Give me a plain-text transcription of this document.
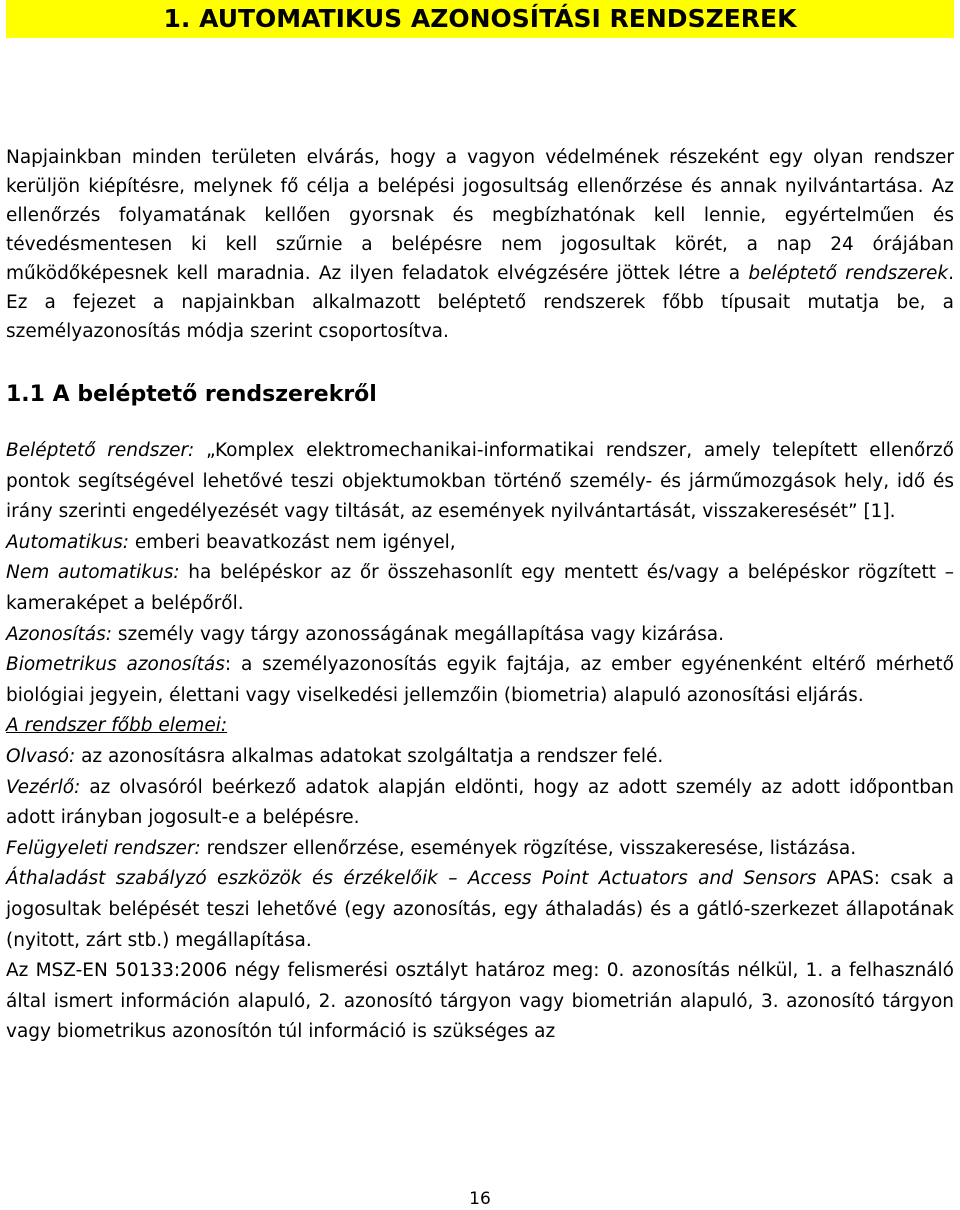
1. AUTOMATIKUS AZONOSÍTÁSI RENDSZEREK

Napjainkban minden területen elvárás, hogy a vagyon védelmének részeként egy olyan rendszer kerüljön kiépítésre, melynek fő célja a belépési jogosultság ellenőrzése és annak nyilvántartása. Az ellenőrzés folyamatának kellően gyorsnak és megbízhatónak kell lennie, egyértelműen és tévedésmentesen ki kell szűrnie a belépésre nem jogosultak körét, a nap 24 órájában működőképesnek kell maradnia. Az ilyen feladatok elvégzésére jöttek létre a beléptető rendszerek. Ez a fejezet a napjainkban alkalmazott beléptető rendszerek főbb típusait mutatja be, a személyazonosítás módja szerint csoportosítva.

1.1 A beléptető rendszerekről

Beléptető rendszer: „Komplex elektromechanikai-informatikai rendszer, amely telepített ellenőrző pontok segítségével lehetővé teszi objektumokban történő személy- és járműmozgások hely, idő és irány szerinti engedélyezését vagy tiltását, az események nyilvántartását, visszakeresését” [1].

Automatikus: emberi beavatkozást nem igényel,

Nem automatikus: ha belépéskor az őr összehasonlít egy mentett és/vagy a belépéskor rögzített – kameraképet a belépőről.

Azonosítás: személy vagy tárgy azonosságának megállapítása vagy kizárása.

Biometrikus azonosítás: a személyazonosítás egyik fajtája, az ember egyénenként eltérő mérhető biológiai jegyein, élettani vagy viselkedési jellemzőin (biometria) alapuló azonosítási eljárás.

A rendszer főbb elemei:

Olvasó: az azonosításra alkalmas adatokat szolgáltatja a rendszer felé.

Vezérlő: az olvasóról beérkező adatok alapján eldönti, hogy az adott személy az adott időpontban adott irányban jogosult-e a belépésre.

Felügyeleti rendszer: rendszer ellenőrzése, események rögzítése, visszakeresése, listázása.

Áthaladást szabályzó eszközök és érzékelőik – Access Point Actuators and Sensors APAS: csak a jogosultak belépését teszi lehetővé (egy azonosítás, egy áthaladás) és a gátló-szerkezet állapotának (nyitott, zárt stb.) megállapítása.

Az MSZ-EN 50133:2006 négy felismerési osztályt határoz meg: 0. azonosítás nélkül, 1. a felhasználó által ismert információn alapuló, 2. azonosító tárgyon vagy biometrián alapuló, 3. azonosító tárgyon vagy biometrikus azonosítón túl információ is szükséges az

16
